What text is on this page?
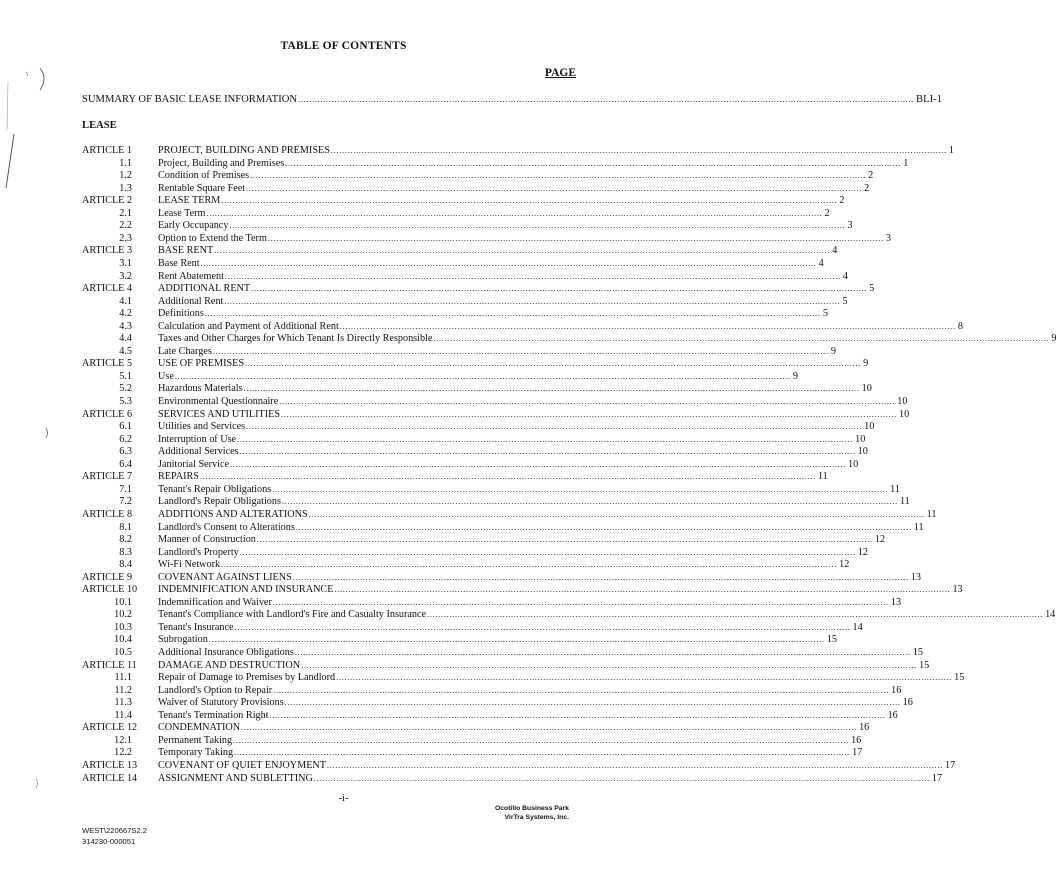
TABLE OF CONTENTS
PAGE
SUMMARY OF BASIC LEASE INFORMATION ............................................................................................................................................................................................................................ BLI-1
LEASE
ARTICLE 1	PROJECT, BUILDING AND PREMISES ............................................................................................................................................................................................................................ 1
1.1	Project, Building and Premises ............................................................................................................................................................................................................................ 1
1.2	Condition of Premises ............................................................................................................................................................................................................................ 2
1.3	Rentable Square Feet ............................................................................................................................................................................................................................ 2
ARTICLE 2	LEASE TERM ............................................................................................................................................................................................................................ 2
2.1	Lease Term ............................................................................................................................................................................................................................ 2
2.2	Early Occupancy ............................................................................................................................................................................................................................ 3
2.3	Option to Extend the Term ............................................................................................................................................................................................................................ 3
ARTICLE 3	BASE RENT ............................................................................................................................................................................................................................ 4
3.1	Base Rent ............................................................................................................................................................................................................................ 4
3.2	Rent Abatement ............................................................................................................................................................................................................................ 4
ARTICLE 4	ADDITIONAL RENT ............................................................................................................................................................................................................................ 5
4.1	Additional Rent ............................................................................................................................................................................................................................ 5
4.2	Definitions ............................................................................................................................................................................................................................ 5
4.3	Calculation and Payment of Additional Rent ............................................................................................................................................................................................................................ 8
4.4	Taxes and Other Charges for Which Tenant Is Directly Responsible ............................................................................................................................................................................................................................ 9
4.5	Late Charges ............................................................................................................................................................................................................................ 9
ARTICLE 5	USE OF PREMISES ............................................................................................................................................................................................................................ 9
5.1	Use ............................................................................................................................................................................................................................ 9
5.2	Hazardous Materials ............................................................................................................................................................................................................................ 10
5.3	Environmental Questionnaire ............................................................................................................................................................................................................................ 10
ARTICLE 6	SERVICES AND UTILITIES ............................................................................................................................................................................................................................ 10
6.1	Utilities and Services ............................................................................................................................................................................................................................ 10
6.2	Interruption of Use ............................................................................................................................................................................................................................ 10
6.3	Additional Services ............................................................................................................................................................................................................................ 10
6.4	Janitorial Service ............................................................................................................................................................................................................................ 10
ARTICLE 7	REPAIRS ............................................................................................................................................................................................................................ 11
7.1	Tenant's Repair Obligations ............................................................................................................................................................................................................................ 11
7.2	Landlord's Repair Obligations ............................................................................................................................................................................................................................ 11
ARTICLE 8	ADDITIONS AND ALTERATIONS ............................................................................................................................................................................................................................ 11
8.1	Landlord's Consent to Alterations ............................................................................................................................................................................................................................ 11
8.2	Manner of Construction ............................................................................................................................................................................................................................ 12
8.3	Landlord's Property ............................................................................................................................................................................................................................ 12
8.4	Wi-Fi Network ............................................................................................................................................................................................................................ 12
ARTICLE 9	COVENANT AGAINST LIENS ............................................................................................................................................................................................................................ 13
ARTICLE 10 INDEMNIFICATION AND INSURANCE ............................................................................................................................................................................................................................ 13
10.1	Indemnification and Waiver ............................................................................................................................................................................................................................ 13
10.2	Tenant's Compliance with Landlord's Fire and Casualty Insurance ............................................................................................................................................................................................................................ 14
10.3	Tenant's Insurance ............................................................................................................................................................................................................................ 14
10.4	Subrogation ............................................................................................................................................................................................................................ 15
10.5	Additional Insurance Obligations ............................................................................................................................................................................................................................ 15
ARTICLE 11 DAMAGE AND DESTRUCTION ............................................................................................................................................................................................................................ 15
11.1	Repair of Damage to Premises by Landlord ............................................................................................................................................................................................................................ 15
11.2	Landlord's Option to Repair ............................................................................................................................................................................................................................ 16
11.3	Waiver of Statutory Provisions ............................................................................................................................................................................................................................ 16
11.4	Tenant's Termination Right ............................................................................................................................................................................................................................ 16
ARTICLE 12 CONDEMNATION ............................................................................................................................................................................................................................ 16
12.1	Permanent Taking ............................................................................................................................................................................................................................ 16
12.2	Temporary Taking ............................................................................................................................................................................................................................ 17
ARTICLE 13 COVENANT OF QUIET ENJOYMENT ............................................................................................................................................................................................................................ 17
ARTICLE 14 ASSIGNMENT AND SUBLETTING ............................................................................................................................................................................................................................ 17
-i-
Ocotillo Business Park
VirTra Systems, Inc.
WEST\220667S2.2
314230-000051
